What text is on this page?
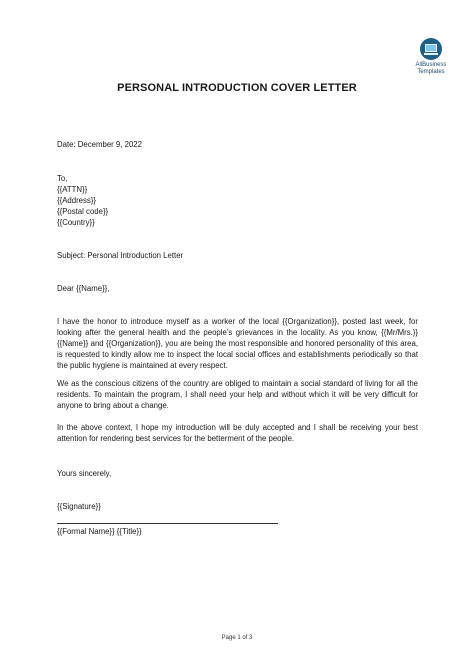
AllBusiness
Templates
PERSONAL INTRODUCTION COVER LETTER
Date: December 9, 2022
To,
{{ATTN}}
{{Address}}
{{Postal code}}
{{Country}}
Subject: Personal Introduction Letter
Dear {{Name}},
I have the honor to introduce myself as a worker of the local {{Organization}}, posted last week, for looking after the general health and the people’s grievances in the locality. As you know, {{Mr/Mrs.}} {{Name}} and {{Organization}}, you are being the most responsible and honored personality of this area, is requested to kindly allow me to inspect the local social offices and establishments periodically so that the public hygiene is maintained at every respect.
We as the conscious citizens of the country are obliged to maintain a social standard of living for all the residents. To maintain the program, I shall need your help and without which it will be very difficult for anyone to bring about a change.
In the above context, I hope my introduction will be duly accepted and I shall be receiving your best attention for rendering best services for the betterment of the people.
Yours sincerely,
{{Signature}}
{{Formal Name}} {{Title}}
Page 1 of 3
